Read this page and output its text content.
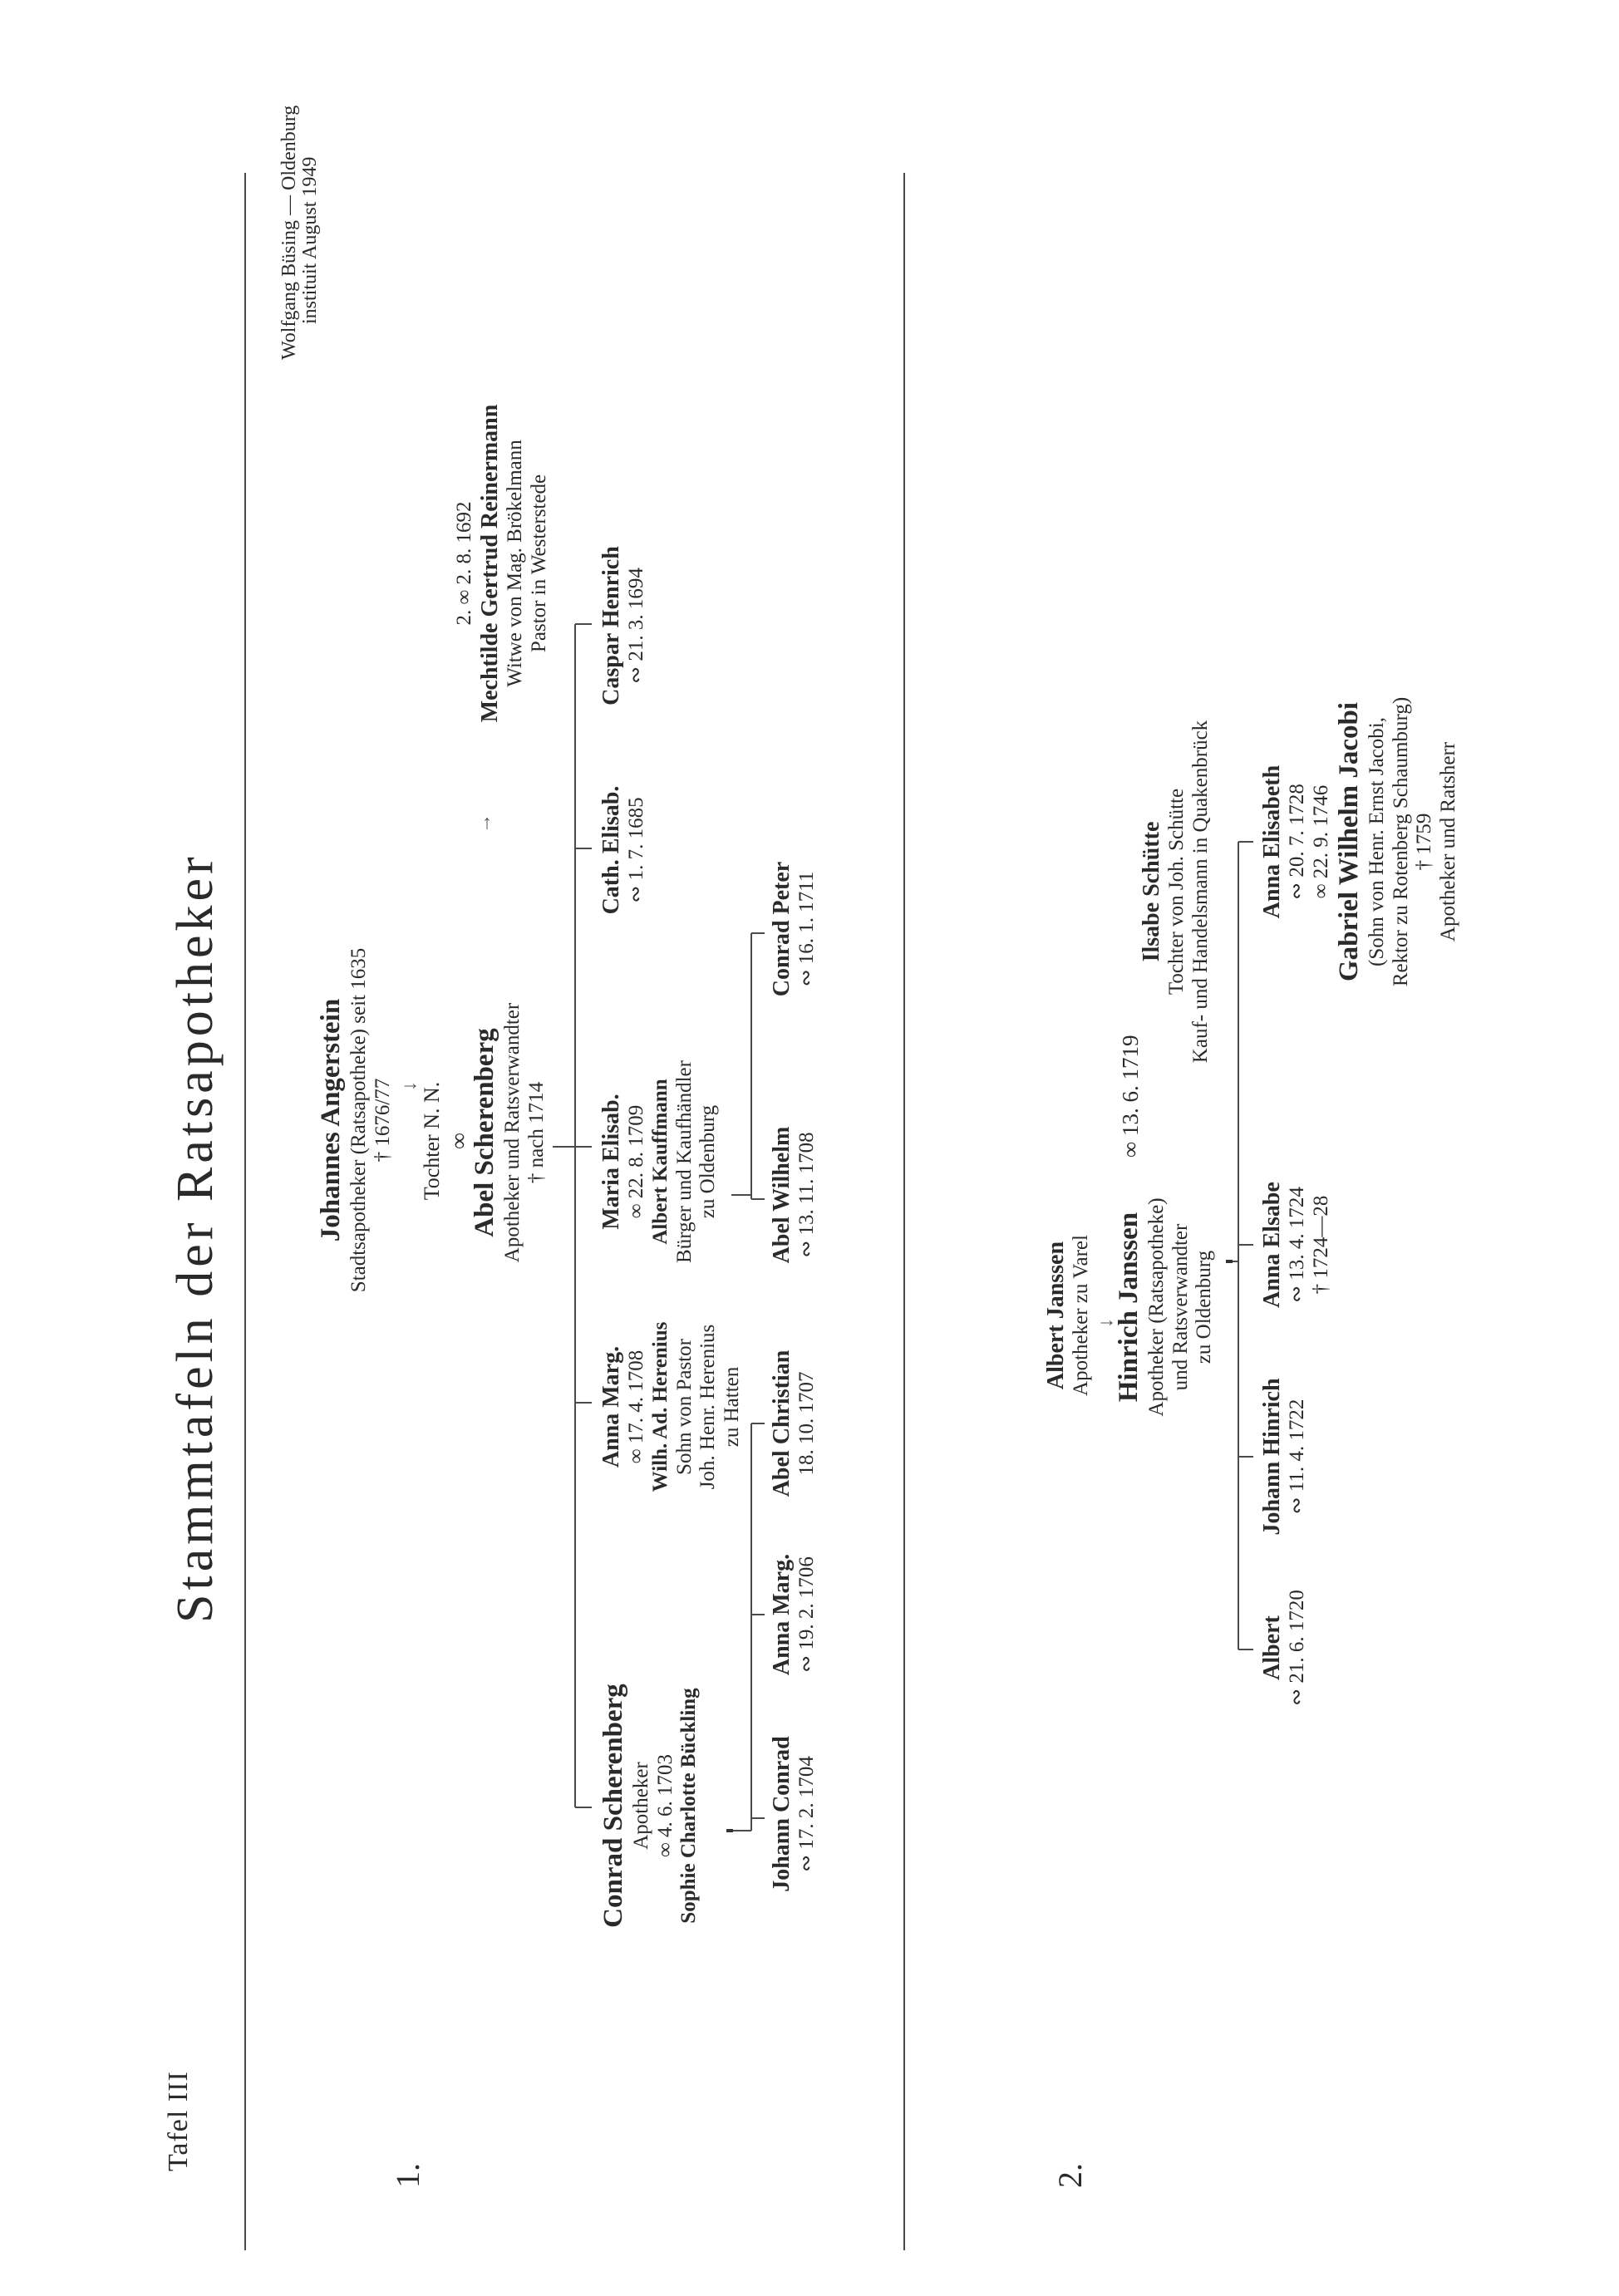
Tafel III
Stammtafeln der Ratsapotheker
Wolfgang Büsing — Oldenburg instituit August 1949
1.
Johannes Angerstein Stadtsapotheker (Ratsapotheke) seit 1635 † 1676/77 ↓ Tochter N. N. ∞
Abel Scherenberg Apotheker und Ratsverwandter † nach 1714
→
2. ∞ 2. 8. 1692 Mechtilde Gertrud Reinermann Witwe von Mag. Brökelmann Pastor in Westerstede
Conrad Scherenberg Apotheker ∞ 4. 6. 1703 Sophie Charlotte Bückling
Anna Marg. ∞ 17. 4. 1708 Wilh. Ad. Herenius Sohn von Pastor Joh. Henr. Herenius zu Hatten
Maria Elisab. ∞ 22. 8. 1709 Albert Kauffmann Bürger und Kaufhändler zu Oldenburg
Cath. Elisab. ∾ 1. 7. 1685
Caspar Henrich ∾ 21. 3. 1694
Johann Conrad ∾ 17. 2. 1704
Anna Marg. ∾ 19. 2. 1706
Abel Christian 18. 10. 1707
Abel Wilhelm ∾ 13. 11. 1708
Conrad Peter ∾ 16. 1. 1711
2.
Albert Janssen Apotheker zu Varel ↓
Hinrich Janssen Apotheker (Ratsapotheke) und Ratsverwandter zu Oldenburg
∞ 13. 6. 1719
Ilsabe Schütte Tochter von Joh. Schütte Kauf- und Handelsmann in Quakenbrück
Albert ∾ 21. 6. 1720
Johann Hinrich ∾ 11. 4. 1722
Anna Elsabe ∾ 13. 4. 1724 † 1724—28
Anna Elisabeth ∾ 20. 7. 1728 ∞ 22. 9. 1746 Gabriel Wilhelm Jacobi (Sohn von Henr. Ernst Jacobi, Rektor zu Rotenberg Schaumburg) † 1759 Apotheker und Ratsherr
